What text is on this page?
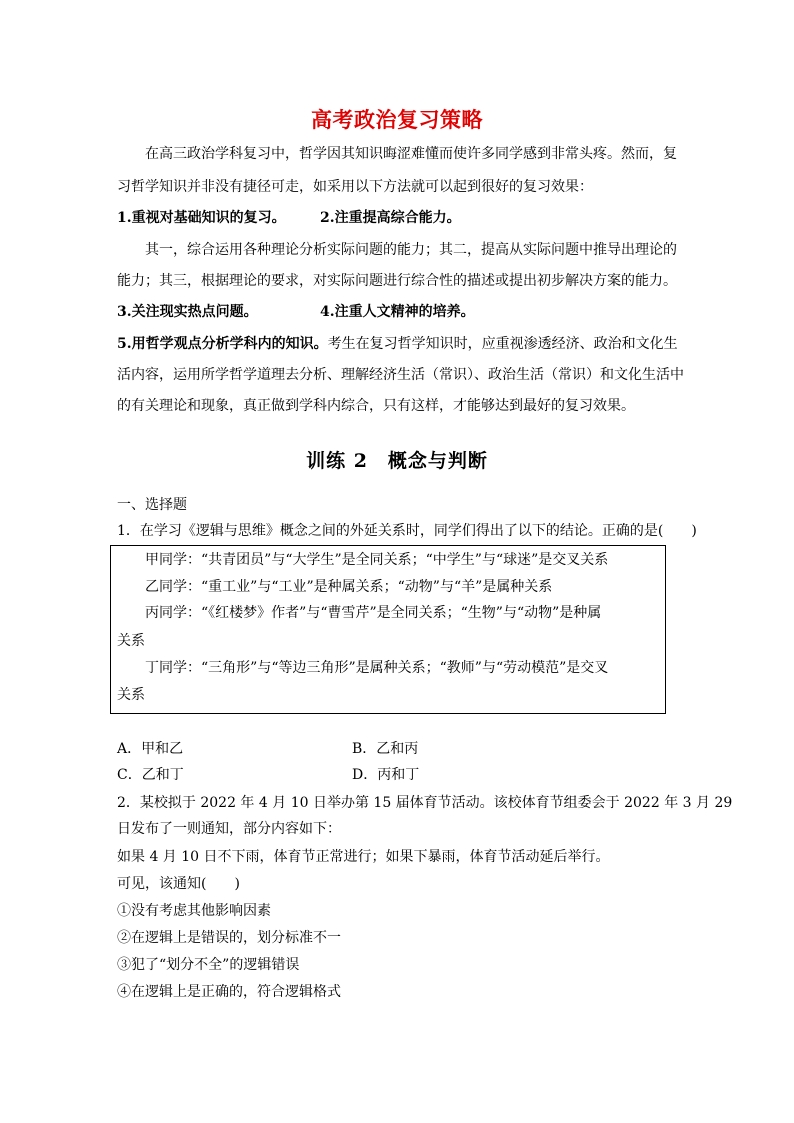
高考政治复习策略
在高三政治学科复习中，哲学因其知识晦涩难懂而使许多同学感到非常头疼。然而，复
习哲学知识并非没有捷径可走，如采用以下方法就可以起到很好的复习效果：
1.重视对基础知识的复习。 2.注重提高综合能力。
其一，综合运用各种理论分析实际问题的能力；其二，提高从实际问题中推导出理论的
能力；其三，根据理论的要求，对实际问题进行综合性的描述或提出初步解决方案的能力。
3.关注现实热点问题。	4.注重人文精神的培养。
5.用哲学观点分析学科内的知识。考生在复习哲学知识时，应重视渗透经济、政治和文化生
活内容，运用所学哲学道理去分析、理解经济生活（常识）、政治生活（常识）和文化生活中
的有关理论和现象，真正做到学科内综合，只有这样，才能够达到最好的复习效果。
训练 2　概念与判断
一、选择题
1．在学习《逻辑与思维》概念之间的外延关系时，同学们得出了以下的结论。正确的是(　　)
甲同学：“共青团员”与“大学生”是全同关系；“中学生”与“球迷”是交叉关系
乙同学：“重工业”与“工业”是种属关系；“动物”与“羊”是属种关系
丙同学：“《红楼梦》作者”与“曹雪芹”是全同关系；“生物”与“动物”是种属
关系
丁同学：“三角形”与“等边三角形”是属种关系；“教师”与“劳动模范”是交叉
关系
A．甲和乙	B．乙和丙
C．乙和丁	D．丙和丁
2．某校拟于 2022 年 4 月 10 日举办第 15 届体育节活动。该校体育节组委会于 2022 年 3 月 29
日发布了一则通知，部分内容如下：
如果 4 月 10 日不下雨，体育节正常进行；如果下暴雨，体育节活动延后举行。
可见，该通知(　　)
①没有考虑其他影响因素
②在逻辑上是错误的，划分标准不一
③犯了“划分不全”的逻辑错误
④在逻辑上是正确的，符合逻辑格式
